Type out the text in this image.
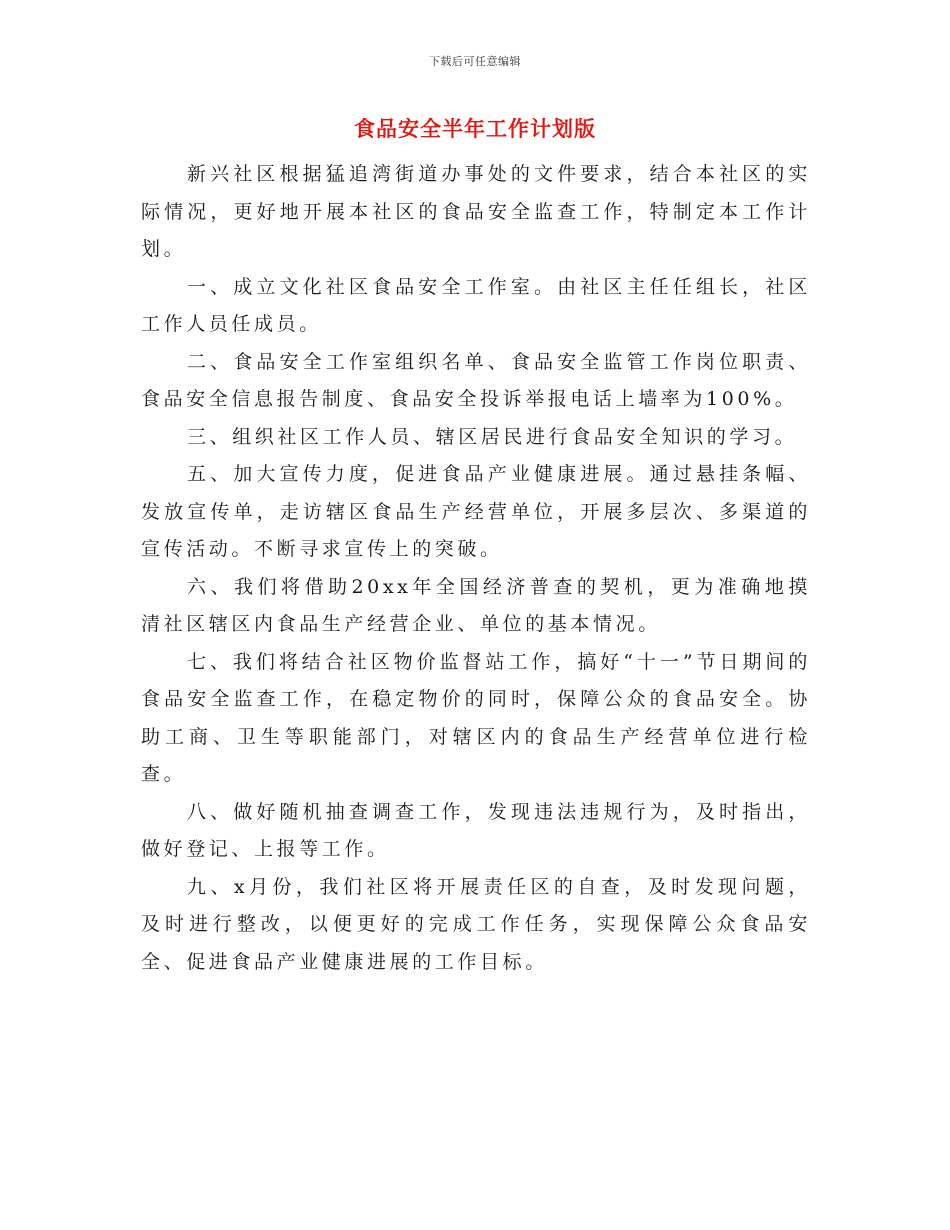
下载后可任意编辑
食品安全半年工作计划版

新兴社区根据猛追湾街道办事处的文件要求，结合本社区的实际情况，更好地开展本社区的食品安全监查工作，特制定本工作计划。

一、成立文化社区食品安全工作室。由社区主任任组长，社区工作人员任成员。

二、食品安全工作室组织名单、食品安全监管工作岗位职责、食品安全信息报告制度、食品安全投诉举报电话上墙率为100%。

三、组织社区工作人员、辖区居民进行食品安全知识的学习。

五、加大宣传力度，促进食品产业健康进展。通过悬挂条幅、发放宣传单，走访辖区食品生产经营单位，开展多层次、多渠道的宣传活动。不断寻求宣传上的突破。

六、我们将借助20xx年全国经济普查的契机，更为准确地摸清社区辖区内食品生产经营企业、单位的基本情况。

七、我们将结合社区物价监督站工作，搞好“十一”节日期间的食品安全监查工作，在稳定物价的同时，保障公众的食品安全。协助工商、卫生等职能部门，对辖区内的食品生产经营单位进行检查。

八、做好随机抽查调查工作，发现违法违规行为，及时指出，做好登记、上报等工作。

九、x月份，我们社区将开展责任区的自查，及时发现问题，及时进行整改，以便更好的完成工作任务，实现保障公众食品安全、促进食品产业健康进展的工作目标。
